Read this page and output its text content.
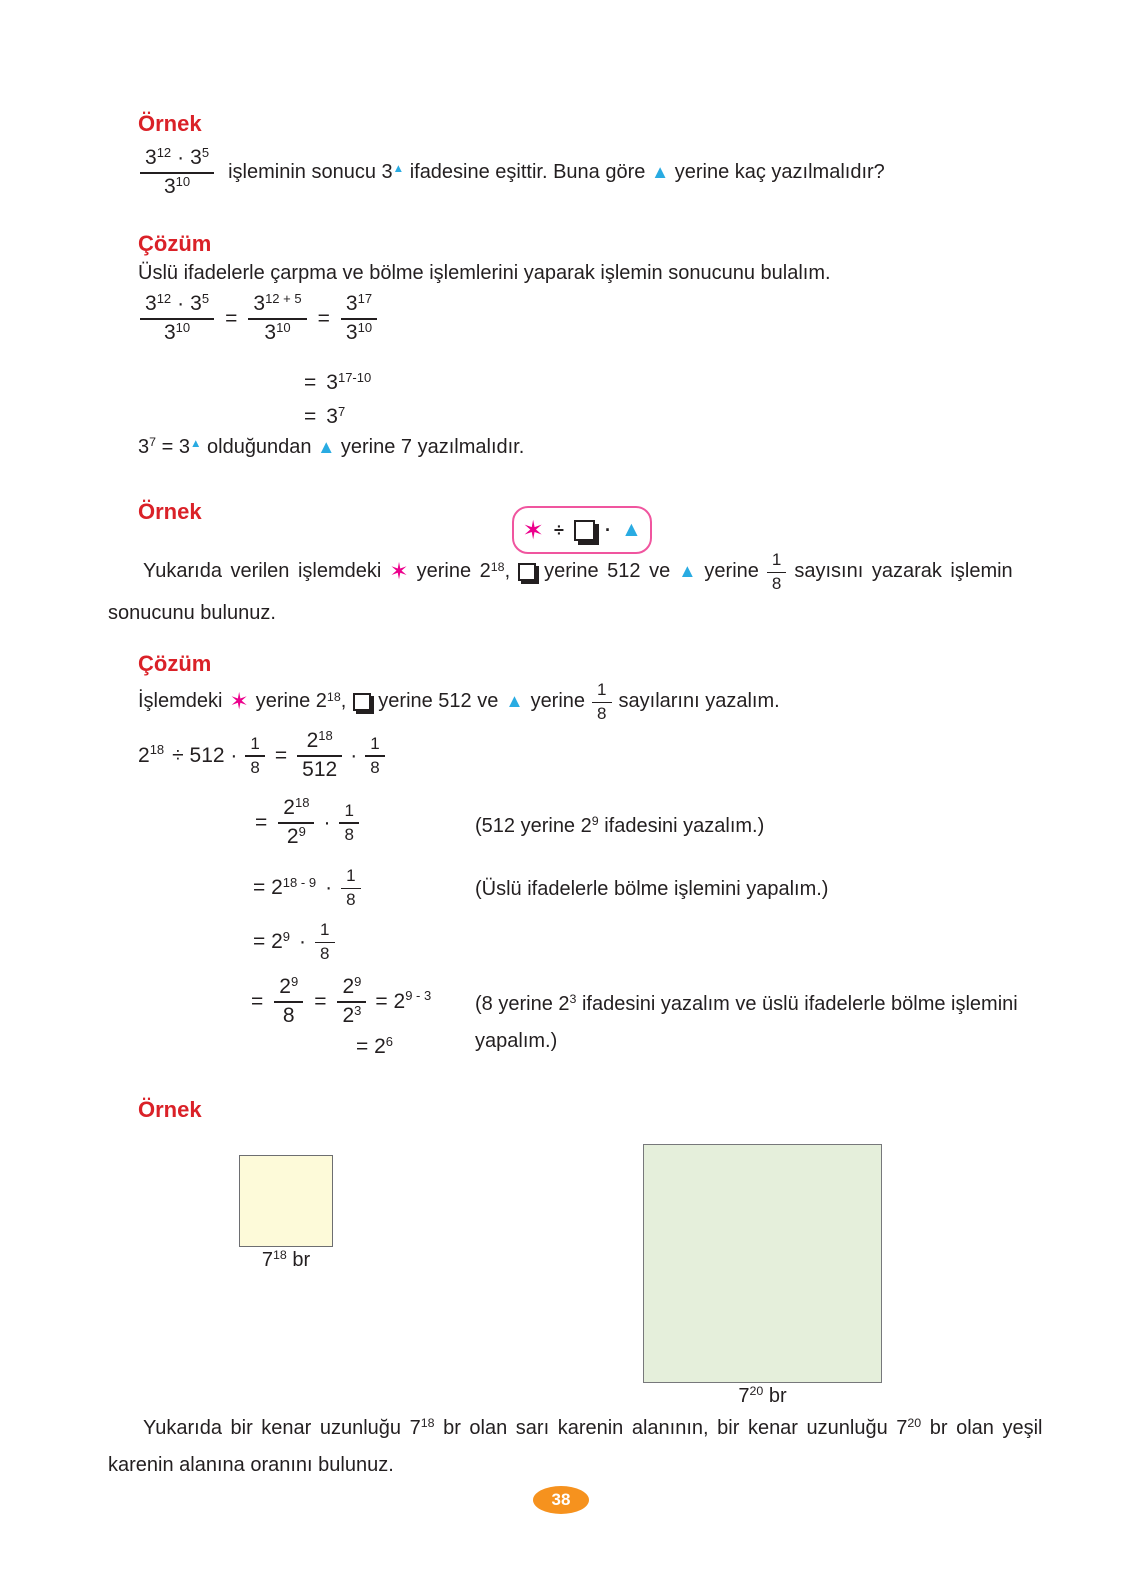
Örnek
$\frac{3^{12} \cdot 3^5}{3^{10}}$ işleminin sonucu 3▲ ifadesine eşittir. Buna göre ▲ yerine kaç yazılmalıdır?
Çözüm
Üslü ifadelerle çarpma ve bölme işlemlerini yaparak işlemin sonucunu bulalım.
$\frac{3^{12} \cdot 3^5}{3^{10}} = \frac{3^{12 + 5}}{3^{10}} = \frac{3^{17}}{3^{10}}$
= $3^{17-10}$
= $3^7$
$3^7 = 3^▲$ olduğundan ▲ yerine 7 yazılmalıdır.
Örnek
✶ ÷ · ▲
Yukarıda verilen işlemdeki ✶ yerine $2^{18}$, yerine 512 ve ▲ yerine $\frac{1}{8}$ sayısını yazarak işlemin
sonucunu bulunuz.
Çözüm
İşlemdeki ✶ yerine $2^{18}$, yerine 512 ve ▲ yerine $\frac{1}{8}$ sayılarını yazalım.
$2^{18} \div 512 \cdot \frac{1}{8} = \frac{2^{18}}{512} \cdot \frac{1}{8}$
= $\frac{2^{18}}{2^9} \cdot \frac{1}{8}$	(512 yerine $2^9$ ifadesini yazalım.)
= $2^{18 - 9} \cdot \frac{1}{8}$	(Üslü ifadelerle bölme işlemini yapalım.)
= $2^9 \cdot \frac{1}{8}$
= $\frac{2^9}{8} = \frac{2^9}{2^3} = 2^{9 - 3}$ (8 yerine $2^3$ ifadesini yazalım ve üslü ifadelerle bölme işlemini
yapalım.)
= $2^6$
Örnek
$7^{18}$ br
$7^{20}$ br
Yukarıda bir kenar uzunluğu $7^{18}$ br olan sarı karenin alanının, bir kenar uzunluğu $7^{20}$ br olan yeşil
karenin alanına oranını bulunuz.
38
